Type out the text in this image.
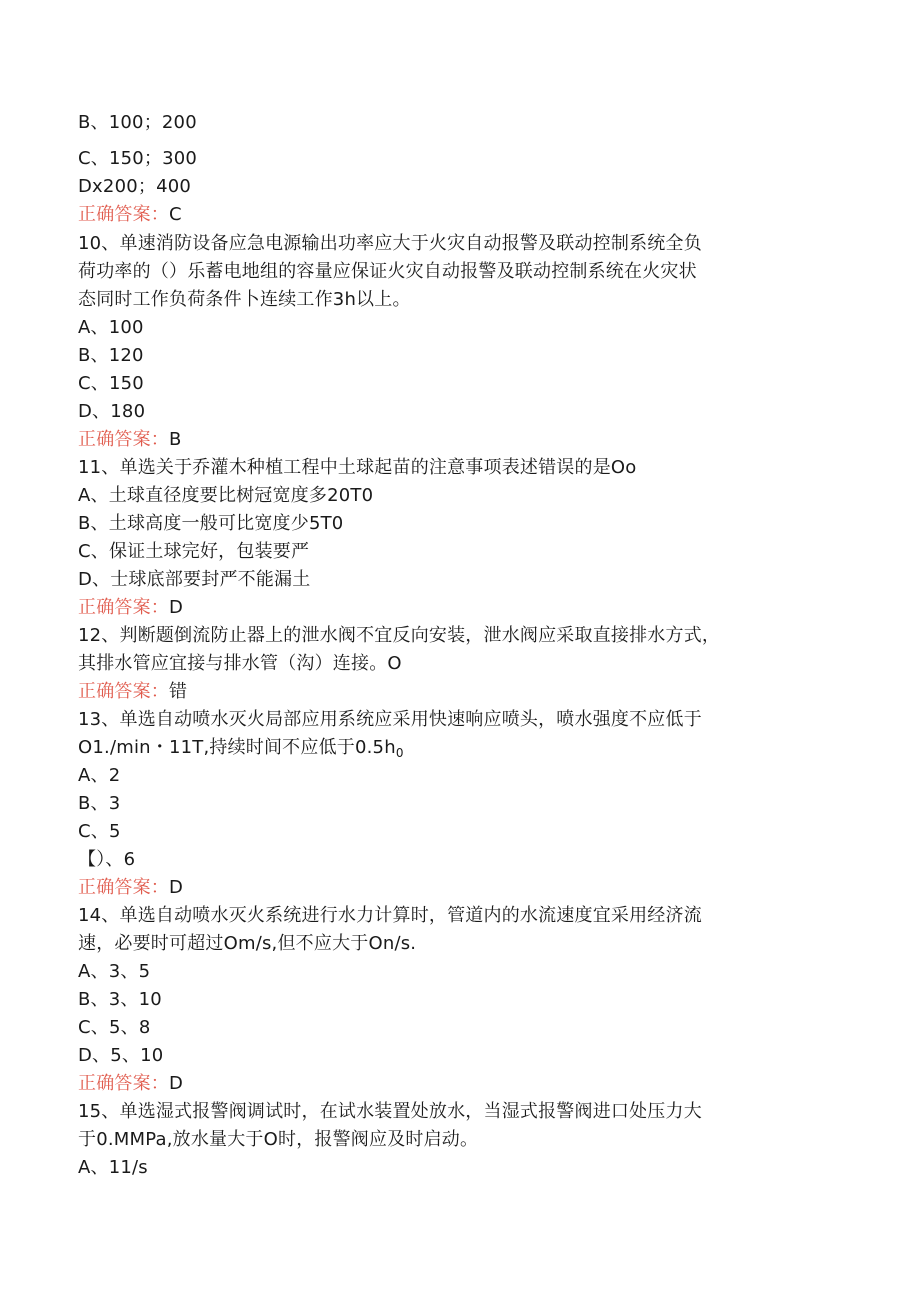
B、100；200
C、150；300
Dx200；400
正确答案：C
10、单速消防设备应急电源输出功率应大于火灾自动报警及联动控制系统全负
荷功率的（）乐蓄电地组的容量应保证火灾自动报警及联动控制系统在火灾状
态同时工作负荷条件卜连续工作3h以上。
A、100
B、120
C、150
D、180
正确答案：B
11、单选关于乔灌木种植工程中土球起苗的注意事项表述错误的是Oo
A、土球直径度要比树冠宽度多20T0
B、土球高度一般可比宽度少5T0
C、保证土球完好，包装要严
D、士球底部要封严不能漏土
正确答案：D
12、判断题倒流防止器上的泄水阀不宜反向安装，泄水阀应采取直接排水方式，
其排水管应宜接与排水管（沟）连接。O
正确答案：错
13、单选自动喷水灭火局部应用系统应采用快速响应喷头，喷水强度不应低于
O1./min・11T,持续时间不应低于$0.5h_0$
A、2
B、3
C、5
【）、6
正确答案：D
14、单选自动喷水灭火系统进行水力计算时，管道内的水流速度宜采用经济流
速，必要时可超过Om∕s,但不应大于On∕s.
A、3、5
B、3、10
C、5、8
D、5、10
正确答案：D
15、单选湿式报警阀调试时，在试水装置处放水，当湿式报警阀进口处压力大
于0.MMPa,放水量大于O时，报警阀应及时启动。
A、11/s
